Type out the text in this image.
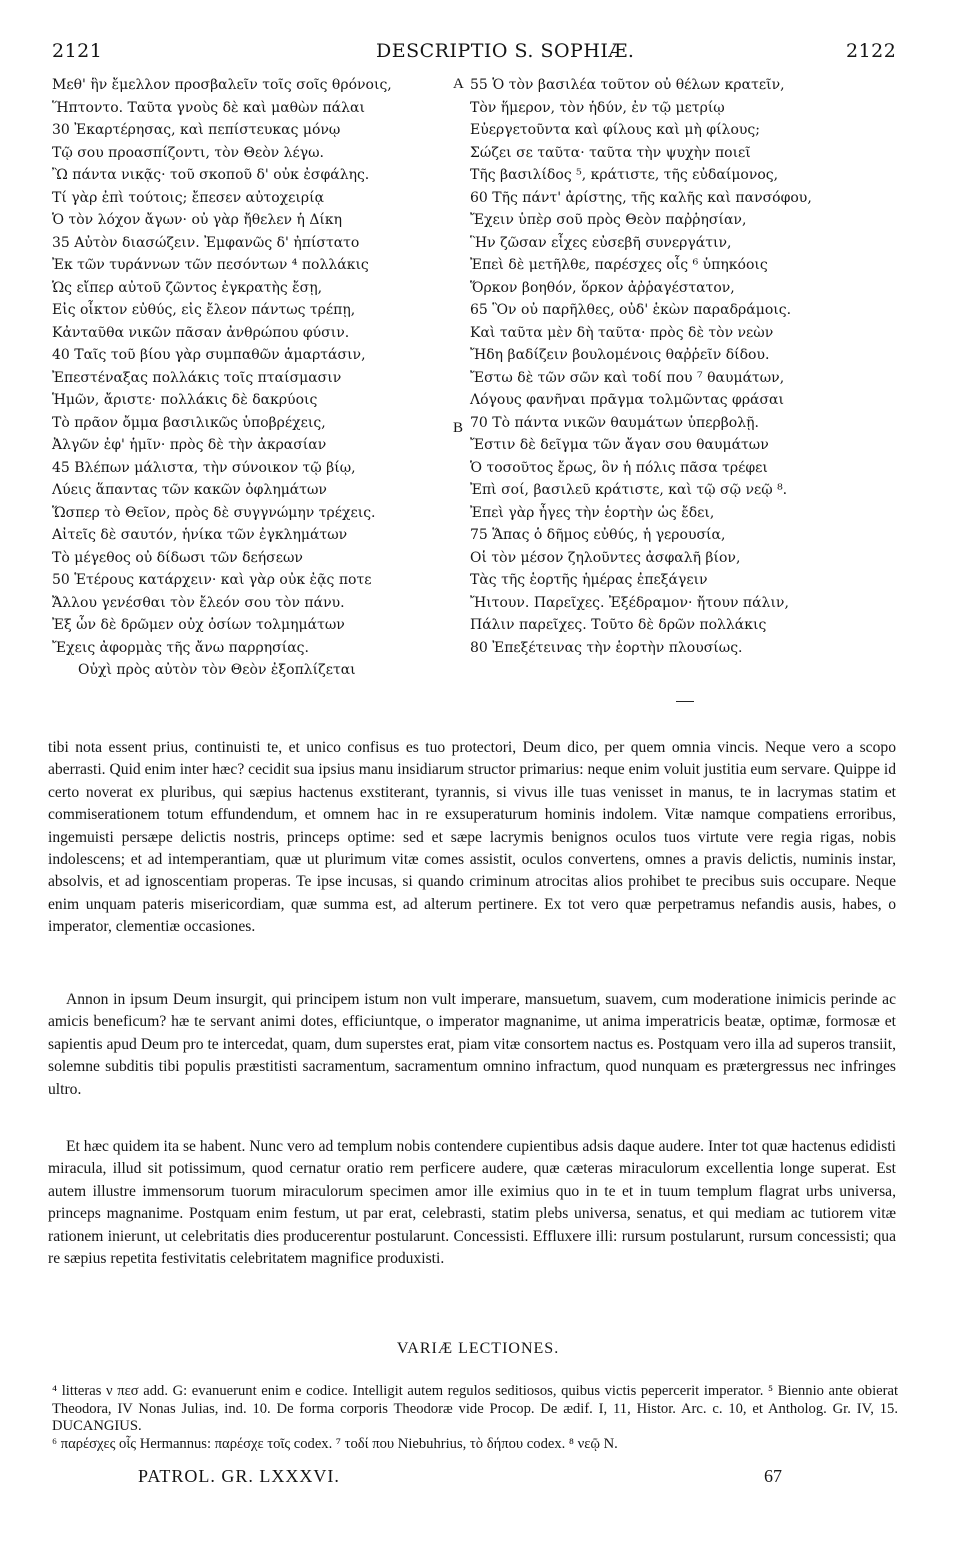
2121	DESCRIPTIO S. SOPHIÆ.	2122
A
B
Μεθ' ἣν ἔμελλον προσβαλεῖν τοῖς σοῖς θρόνοις,
Ἥπτοντο. Ταῦτα γνοὺς δὲ καὶ μαθὼν πάλαι
30 Ἐκαρτέρησας, καὶ πεπίστευκας μόνῳ
Τῷ σου προασπίζοντι, τὸν Θεὸν λέγω.
Ὢ πάντα νικᾷς· τοῦ σκοποῦ δ' οὐκ ἐσφάλης.
Τί γὰρ ἐπὶ τούτοις; ἔπεσεν αὐτοχειρίᾳ
Ὁ τὸν λόχον ἄγων· οὐ γὰρ ἤθελεν ἡ Δίκη
35 Αὐτὸν διασώζειν. Ἐμφανῶς δ' ἠπίστατο
Ἐκ τῶν τυράννων τῶν πεσόντων ⁴ πολλάκις
Ὡς εἴπερ αὐτοῦ ζῶντος ἐγκρατὴς ἔσῃ,
Εἰς οἶκτον εὐθύς, εἰς ἔλεον πάντως τρέπῃ,
Κἀνταῦθα νικῶν πᾶσαν ἀνθρώπου φύσιν.
40 Ταῖς τοῦ βίου γὰρ συμπαθῶν ἁμαρτάσιν,
Ἐπεστέναξας πολλάκις τοῖς πταίσμασιν
Ἡμῶν, ἄριστε· πολλάκις δὲ δακρύοις
Τὸ πρᾶον ὄμμα βασιλικῶς ὑποβρέχεις,
Ἀλγῶν ἐφ' ἡμῖν· πρὸς δὲ τὴν ἀκρασίαν
45 Βλέπων μάλιστα, τὴν σύνοικον τῷ βίῳ,
Λύεις ἅπαντας τῶν κακῶν ὀφλημάτων
Ὥσπερ τὸ Θεῖον, πρὸς δὲ συγγνώμην τρέχεις.
Αἰτεῖς δὲ σαυτόν, ἡνίκα τῶν ἐγκλημάτων
Τὸ μέγεθος οὐ δίδωσι τῶν δεήσεων
50 Ἑτέρους κατάρχειν· καὶ γὰρ οὐκ ἐᾷς ποτε
Ἄλλου γενέσθαι τὸν ἔλεόν σου τὸν πάνυ.
Ἐξ ὧν δὲ δρῶμεν οὐχ ὁσίων τολμημάτων
Ἔχεις ἀφορμὰς τῆς ἄνω παρρησίας.
Οὐχὶ πρὸς αὐτὸν τὸν Θεὸν ἐξοπλίζεται
55 Ὁ τὸν βασιλέα τοῦτον οὐ θέλων κρατεῖν,
Τὸν ἥμερον, τὸν ἡδύν, ἐν τῷ μετρίῳ
Εὐεργετοῦντα καὶ φίλους καὶ μὴ φίλους;
Σώζει σε ταῦτα· ταῦτα τὴν ψυχὴν ποιεῖ
Τῆς βασιλίδος ⁵, κράτιστε, τῆς εὐδαίμονος,
60 Τῆς πάντ' ἀρίστης, τῆς καλῆς καὶ πανσόφου,
Ἔχειν ὑπὲρ σοῦ πρὸς Θεὸν παῤῥησίαν,
Ἣν ζῶσαν εἶχες εὐσεβῆ συνεργάτιν,
Ἐπεὶ δὲ μετῆλθε, παρέσχες οἷς ⁶ ὑπηκόοις
Ὅρκον βοηθόν, ὅρκον ἀῤῥαγέστατον,
65 Ὃν οὐ παρῆλθες, οὐδ' ἑκὼν παραδράμοις.
Καὶ ταῦτα μὲν δὴ ταῦτα· πρὸς δὲ τὸν νεὼν
Ἤδη βαδίζειν βουλομένοις θαῤῥεῖν δίδου.
Ἔστω δὲ τῶν σῶν καὶ τοδί που ⁷ θαυμάτων,
Λόγους φανῆναι πρᾶγμα τολμῶντας φράσαι
70 Τὸ πάντα νικῶν θαυμάτων ὑπερβολῇ.
Ἔστιν δὲ δεῖγμα τῶν ἄγαν σου θαυμάτων
Ὁ τοσοῦτος ἔρως, ὃν ἡ πόλις πᾶσα τρέφει
Ἐπὶ σοί, βασιλεῦ κράτιστε, καὶ τῷ σῷ νεῷ ⁸.
Ἐπεὶ γὰρ ἦγες τὴν ἑορτὴν ὡς ἔδει,
75 Ἅπας ὁ δῆμος εὐθύς, ἡ γερουσία,
Οἱ τὸν μέσον ζηλοῦντες ἀσφαλῆ βίον,
Τὰς τῆς ἑορτῆς ἡμέρας ἐπεξάγειν
Ἤιτουν. Παρεῖχες. Ἐξέδραμον· ἤτουν πάλιν,
Πάλιν παρεῖχες. Τοῦτο δὲ δρῶν πολλάκις
80 Ἐπεξέτεινας τὴν ἑορτὴν πλουσίως.

tibi nota essent prius, continuisti te, et unico confisus es tuo protectori, Deum dico, per quem omnia vincis. Neque vero a scopo aberrasti. Quid enim inter hæc? cecidit sua ipsius manu insidiarum structor primarius: neque enim voluit justitia eum servare. Quippe id certo noverat ex pluribus, qui sæpius hactenus exstiterant, tyrannis, si vivus ille tuas venisset in manus, te in lacrymas statim et commiserationem totum effundendum, et omnem hac in re exsuperaturum hominis indolem. Vitæ namque compatiens erroribus, ingemuisti persæpe delictis nostris, princeps optime: sed et sæpe lacrymis benignos oculos tuos virtute vere regia rigas, nobis indolescens; et ad intemperantiam, quæ ut plurimum vitæ comes assistit, oculos convertens, omnes a pravis delictis, numinis instar, absolvis, et ad ignoscentiam properas. Te ipse incusas, si quando criminum atrocitas alios prohibet te precibus suis occupare. Neque enim unquam pateris misericordiam, quæ summa est, ad alterum pertinere. Ex tot vero quæ perpetramus nefandis ausis, habes, o imperator, clementiæ occasiones.

Annon in ipsum Deum insurgit, qui principem istum non vult imperare, mansuetum, suavem, cum moderatione inimicis perinde ac amicis beneficum? hæ te servant animi dotes, efficiuntque, o imperator magnanime, ut anima imperatricis beatæ, optimæ, formosæ et sapientis apud Deum pro te intercedat, quam, dum superstes erat, piam vitæ consortem nactus es. Postquam vero illa ad superos transiit, solemne subditis tibi populis præstitisti sacramentum, sacramentum omnino infractum, quod nunquam es prætergressus nec infringes ultro.

Et hæc quidem ita se habent. Nunc vero ad templum nobis contendere cupientibus adsis daque audere. Inter tot quæ hactenus edidisti miracula, illud sit potissimum, quod cernatur oratio rem perficere audere, quæ cæteras miraculorum excellentia longe superat. Est autem illustre immensorum tuorum miraculorum specimen amor ille eximius quo in te et in tuum templum flagrat urbs universa, princeps magnanime. Postquam enim festum, ut par erat, celebrasti, statim plebs universa, senatus, et qui mediam ac tutiorem vitæ rationem inierunt, ut celebritatis dies producerentur postularunt. Concessisti. Effluxere illi: rursum postularunt, rursum concessisti; qua re sæpius repetita festivitatis celebritatem magnifice produxisti.

VARIÆ LECTIONES.

⁴ litteras ν πεσ add. G: evanuerunt enim e codice. Intelligit autem regulos seditiosos, quibus victis pepercerit imperator. ⁵ Biennio ante obierat Theodora, IV Nonas Julias, ind. 10. De forma corporis Theodoræ vide Procop. De ædif. I, 11, Histor. Arc. c. 10, et Antholog. Gr. IV, 15. DUCANGIUS.

⁶ παρέσχες οἷς Hermannus: παρέσχε τοῖς codex. ⁷ τοδί που Niebuhrius, τὸ δήπου codex. ⁸ νεῷ N.

PATROL. GR. LXXXVI.	67
